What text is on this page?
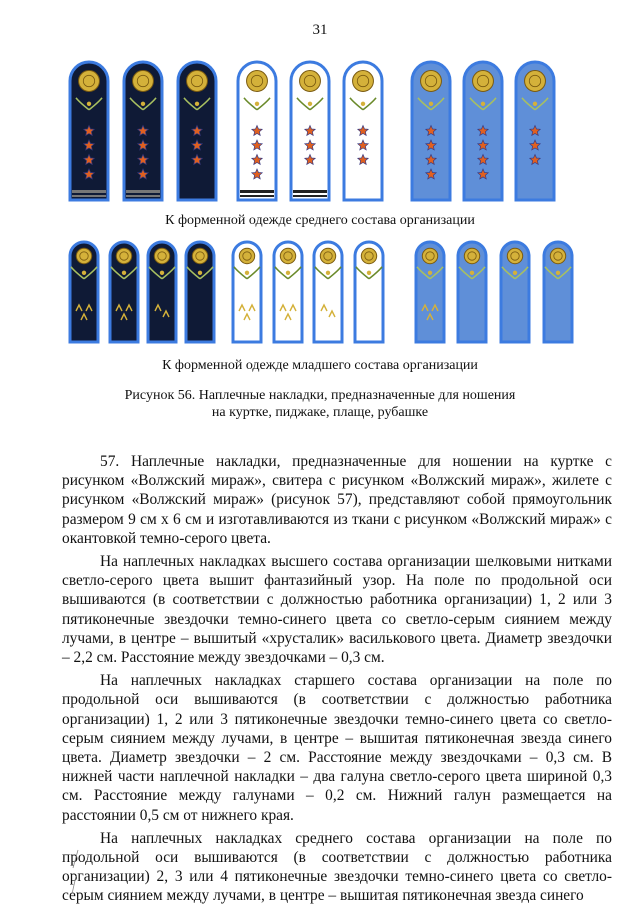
31
К форменной одежде среднего состава организации
К форменной одежде младшего состава организации
Рисунок 56. Наплечные накладки, предназначенные для ношения
на куртке, пиджаке, плаще, рубашке

57. Наплечные накладки, предназначенные для ношении на куртке с рисунком «Волжский мираж», свитера с рисунком «Волжский мираж», жилете с рисунком «Волжский мираж» (рисунок 57), представляют собой прямоугольник размером 9 см х 6 см и изготавливаются из ткани с рисунком «Волжский мираж» с окантовкой темно-серого цвета.

На наплечных накладках высшего состава организации шелковыми нитками светло-серого цвета вышит фантазийный узор. На поле по продольной оси вышиваются (в соответствии с должностью работника организации) 1, 2 или 3 пятиконечные звездочки темно-синего цвета со светло-серым сиянием между лучами, в центре – вышитый «хрусталик» василькового цвета. Диаметр звездочки – 2,2 см. Расстояние между звездочками – 0,3 см.

На наплечных накладках старшего состава организации на поле по продольной оси вышиваются (в соответствии с должностью работника организации) 1, 2 или 3 пятиконечные звездочки темно-синего цвета со светло-серым сиянием между лучами, в центре – вышитая пятиконечная звезда синего цвета. Диаметр звездочки – 2 см. Расстояние между звездочками – 0,3 см. В нижней части наплечной накладки – два галуна светло-серого цвета шириной 0,3 см. Расстояние между галунами – 0,2 см. Нижний галун размещается на расстоянии 0,5 см от нижнего края.

На наплечных накладках среднего состава организации на поле по продольной оси вышиваются (в соответствии с должностью работника организации) 2, 3 или 4 пятиконечные звездочки темно-синего цвета со светло-серым сиянием между лучами, в центре – вышитая пятиконечная звезда синего
